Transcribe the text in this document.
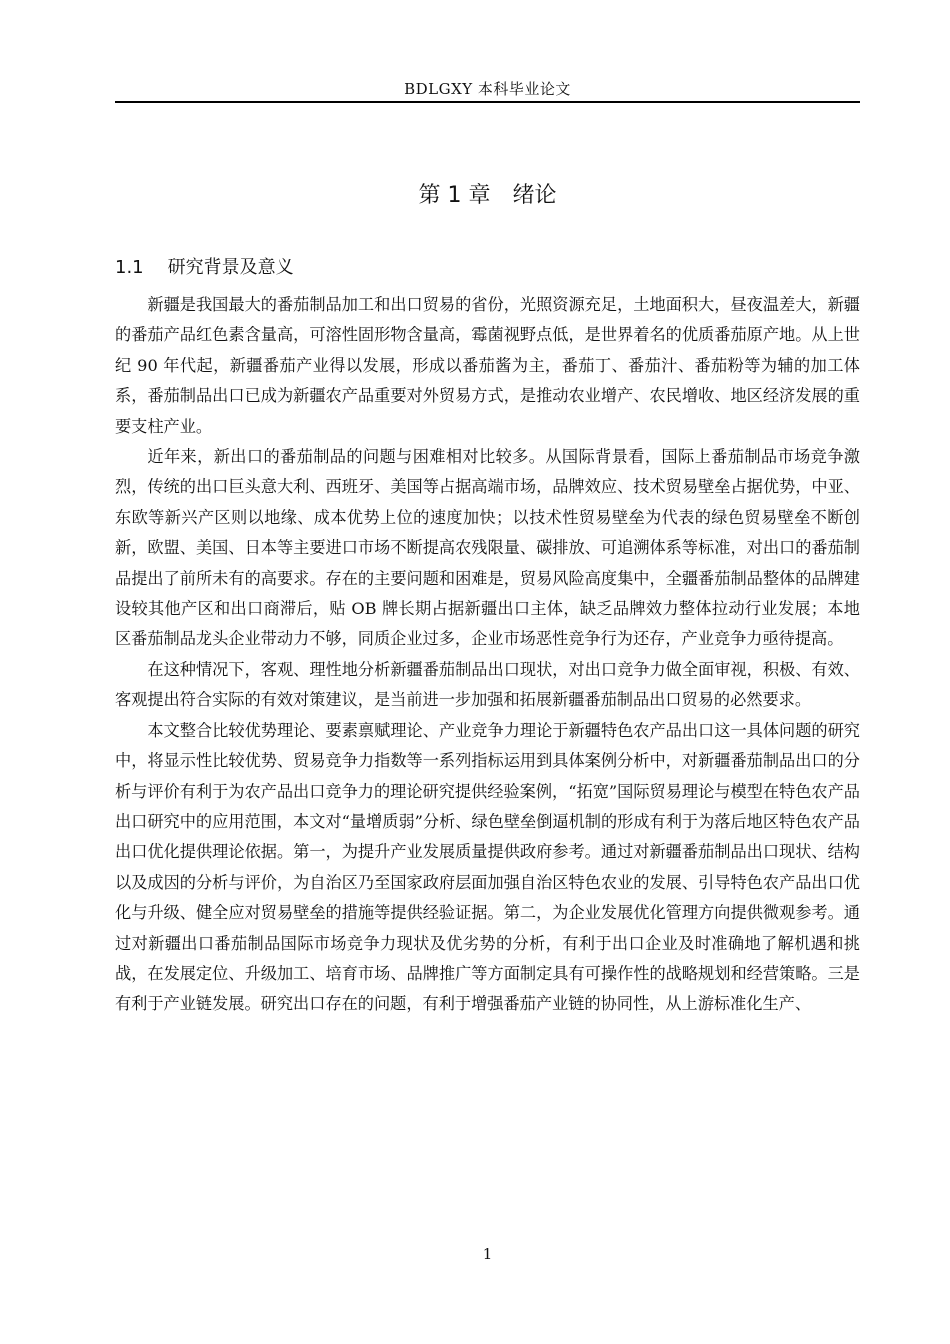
BDLGXY 本科毕业论文
第 1 章　绪论
1.1 研究背景及意义

新疆是我国最大的番茄制品加工和出口贸易的省份，光照资源充足，土地面积大，昼夜温差大，新疆的番茄产品红色素含量高，可溶性固形物含量高，霉菌视野点低，是世界着名的优质番茄原产地。从上世纪 90 年代起，新疆番茄产业得以发展，形成以番茄酱为主，番茄丁、番茄汁、番茄粉等为辅的加工体系，番茄制品出口已成为新疆农产品重要对外贸易方式，是推动农业增产、农民增收、地区经济发展的重要支柱产业。

近年来，新出口的番茄制品的问题与困难相对比较多。从国际背景看，国际上番茄制品市场竞争激烈，传统的出口巨头意大利、西班牙、美国等占据高端市场，品牌效应、技术贸易壁垒占据优势，中亚、东欧等新兴产区则以地缘、成本优势上位的速度加快；以技术性贸易壁垒为代表的绿色贸易壁垒不断创新，欧盟、美国、日本等主要进口市场不断提高农残限量、碳排放、可追溯体系等标准，对出口的番茄制品提出了前所未有的高要求。存在的主要问题和困难是，贸易风险高度集中，全疆番茄制品整体的品牌建设较其他产区和出口商滞后，贴 OB 牌长期占据新疆出口主体，缺乏品牌效力整体拉动行业发展；本地区番茄制品龙头企业带动力不够，同质企业过多，企业市场恶性竞争行为还存，产业竞争力亟待提高。

在这种情况下，客观、理性地分析新疆番茄制品出口现状，对出口竞争力做全面审视，积极、有效、客观提出符合实际的有效对策建议，是当前进一步加强和拓展新疆番茄制品出口贸易的必然要求。

本文整合比较优势理论、要素禀赋理论、产业竞争力理论于新疆特色农产品出口这一具体问题的研究中，将显示性比较优势、贸易竞争力指数等一系列指标运用到具体案例分析中，对新疆番茄制品出口的分析与评价有利于为农产品出口竞争力的理论研究提供经验案例，“拓宽”国际贸易理论与模型在特色农产品出口研究中的应用范围，本文对“量增质弱”分析、绿色壁垒倒逼机制的形成有利于为落后地区特色农产品出口优化提供理论依据。第一，为提升产业发展质量提供政府参考。通过对新疆番茄制品出口现状、结构以及成因的分析与评价，为自治区乃至国家政府层面加强自治区特色农业的发展、引导特色农产品出口优化与升级、健全应对贸易壁垒的措施等提供经验证据。第二，为企业发展优化管理方向提供微观参考。通过对新疆出口番茄制品国际市场竞争力现状及优劣势的分析，有利于出口企业及时准确地了解机遇和挑战，在发展定位、升级加工、培育市场、品牌推广等方面制定具有可操作性的战略规划和经营策略。三是有利于产业链发展。研究出口存在的问题，有利于增强番茄产业链的协同性，从上游标准化生产、

1
